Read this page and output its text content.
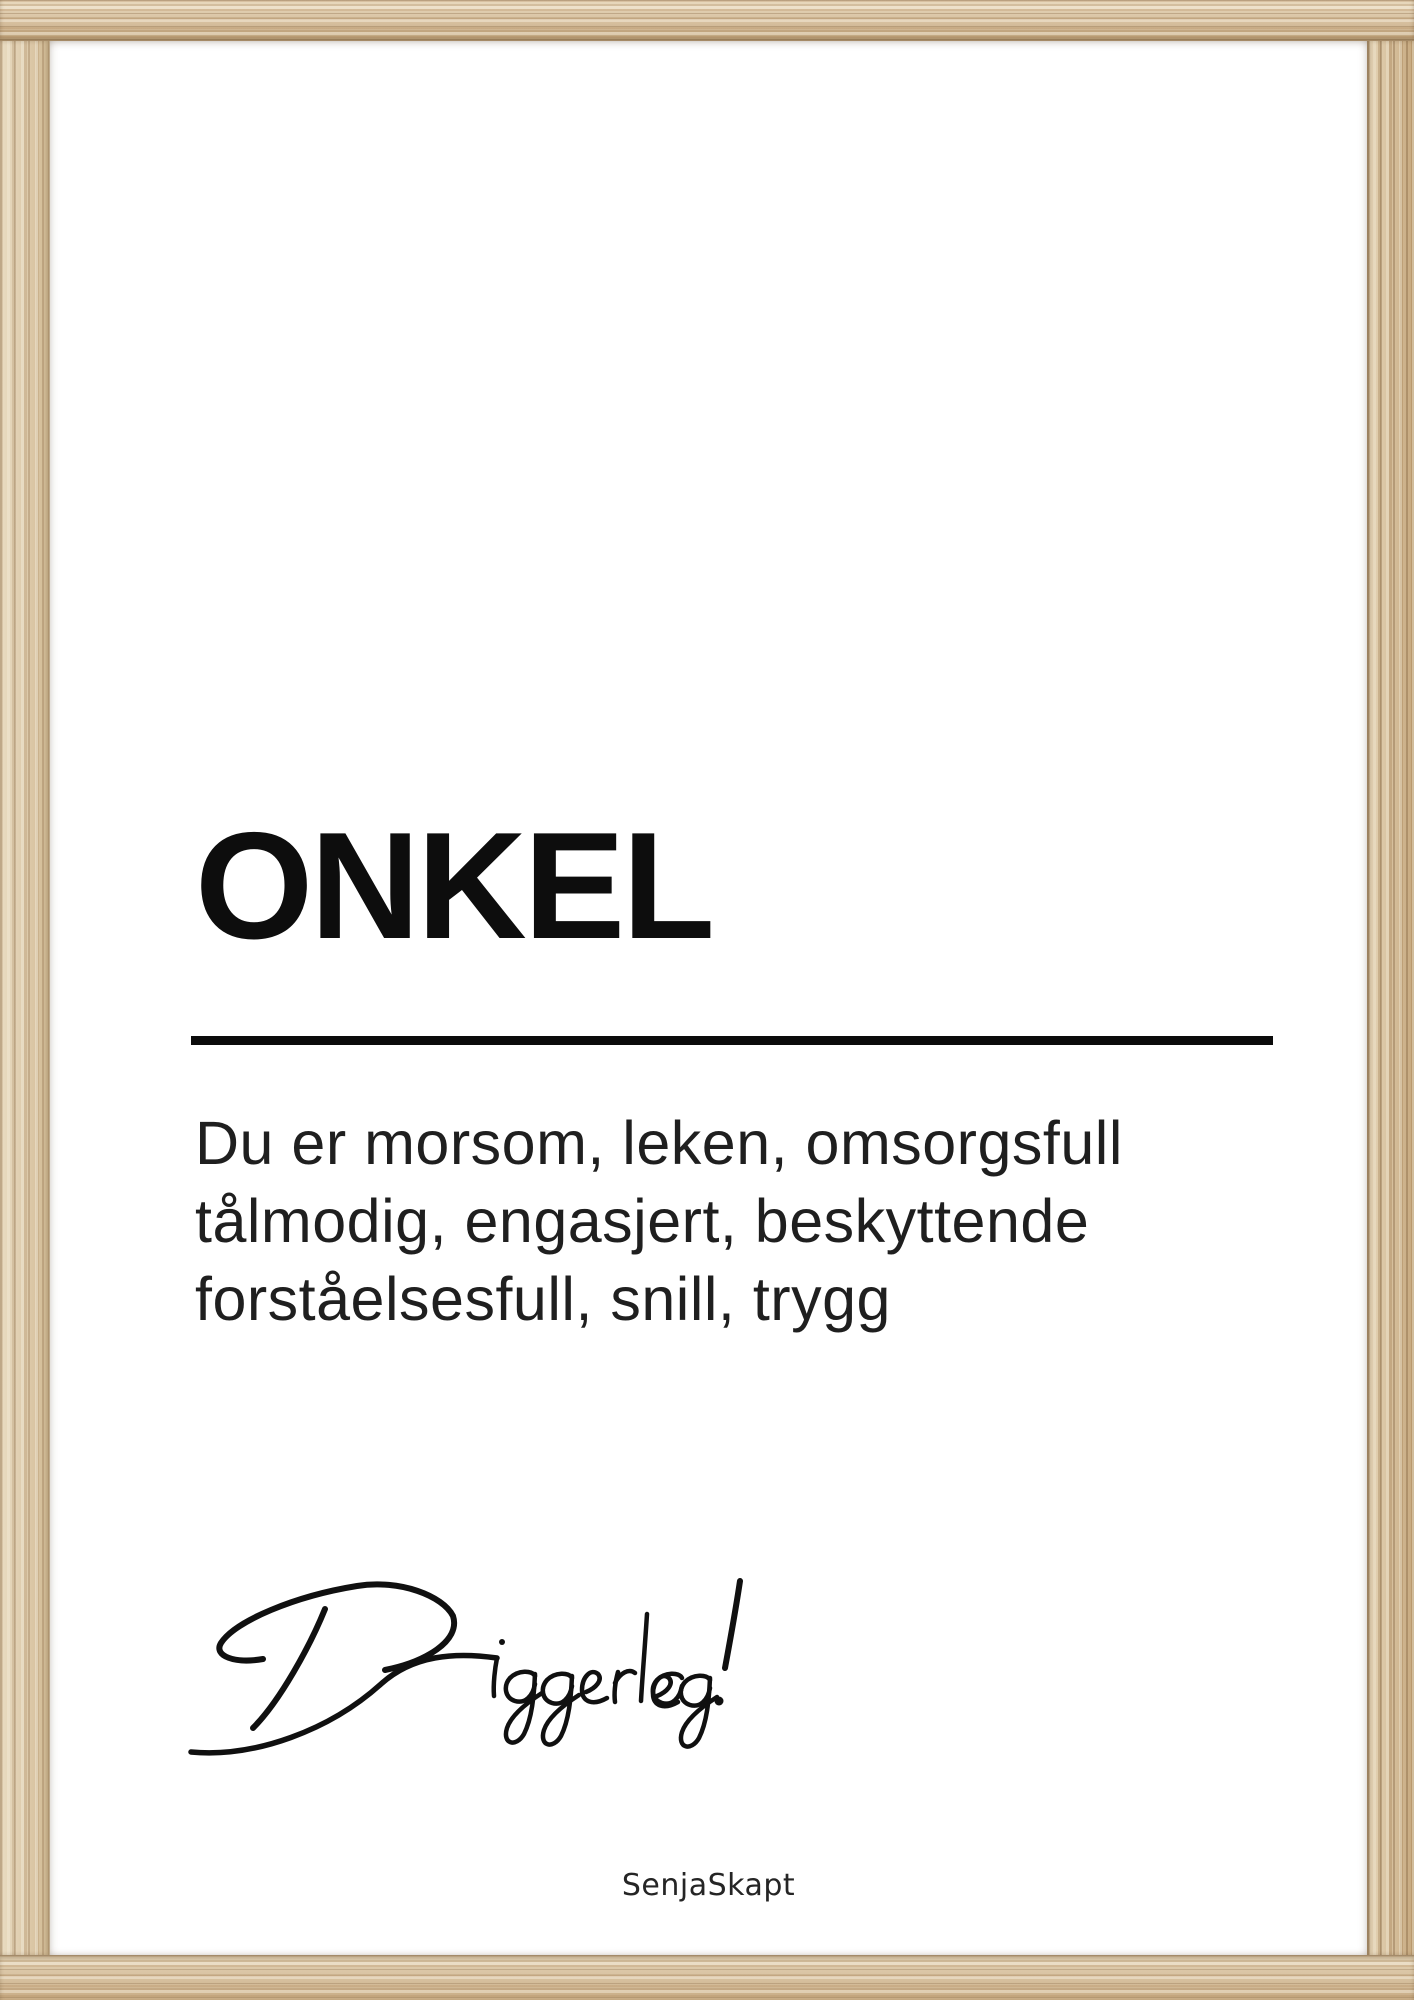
ONKEL

Du er morsom, leken, omsorgsfull
tålmodig, engasjert, beskyttende
forståelsesfull, snill, trygg

SenjaSkapt
